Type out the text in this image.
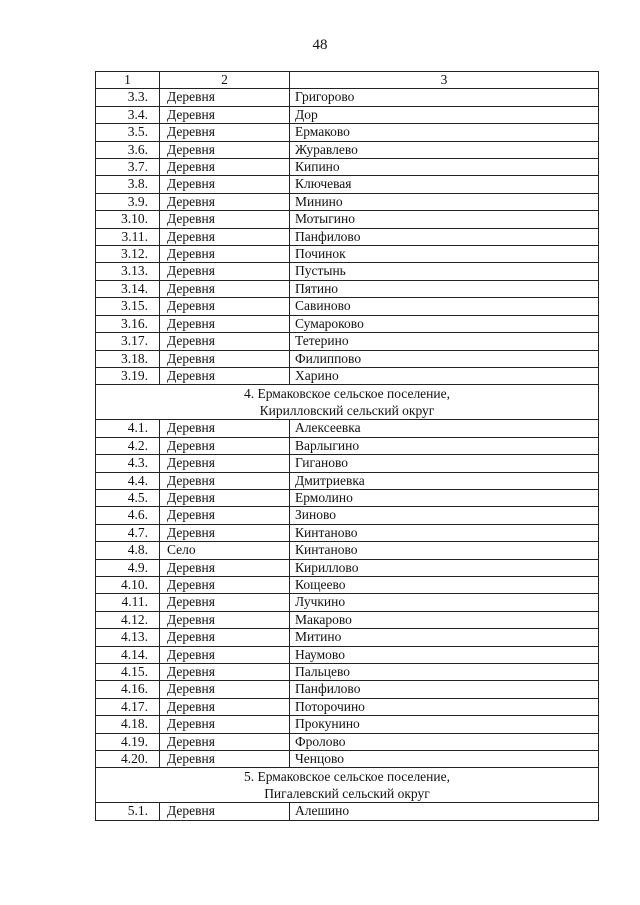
48
1	2	3
3.3.	Деревня	Григорово
3.4.	Деревня	Дор
3.5.	Деревня	Ермаково
3.6.	Деревня	Журавлево
3.7.	Деревня	Кипино
3.8.	Деревня	Ключевая
3.9.	Деревня	Минино
3.10.	Деревня	Мотыгино
3.11.	Деревня	Панфилово
3.12.	Деревня	Починок
3.13.	Деревня	Пустынь
3.14.	Деревня	Пятино
3.15.	Деревня	Савиново
3.16.	Деревня	Сумароково
3.17.	Деревня	Тетерино
3.18.	Деревня	Филиппово
3.19.	Деревня	Харино

4. Ермаковское сельское поселение,
Кирилловский сельский округ		

4.1.	Деревня	Алексеевка
4.2.	Деревня	Варлыгино
4.3.	Деревня	Гиганово
4.4.	Деревня	Дмитриевка
4.5.	Деревня	Ермолино
4.6.	Деревня	Зиново
4.7.	Деревня	Кинтаново
4.8.	Село	Кинтаново
4.9.	Деревня	Кириллово
4.10.	Деревня	Кощеево
4.11.	Деревня	Лучкино
4.12.	Деревня	Макарово
4.13.	Деревня	Митино
4.14.	Деревня	Наумово
4.15.	Деревня	Пальцево
4.16.	Деревня	Панфилово
4.17.	Деревня	Поторочино
4.18.	Деревня	Прокунино
4.19.	Деревня	Фролово
4.20.	Деревня	Ченцово

5. Ермаковское сельское поселение,
Пигалевский сельский округ		

5.1.	Деревня	Алешино
